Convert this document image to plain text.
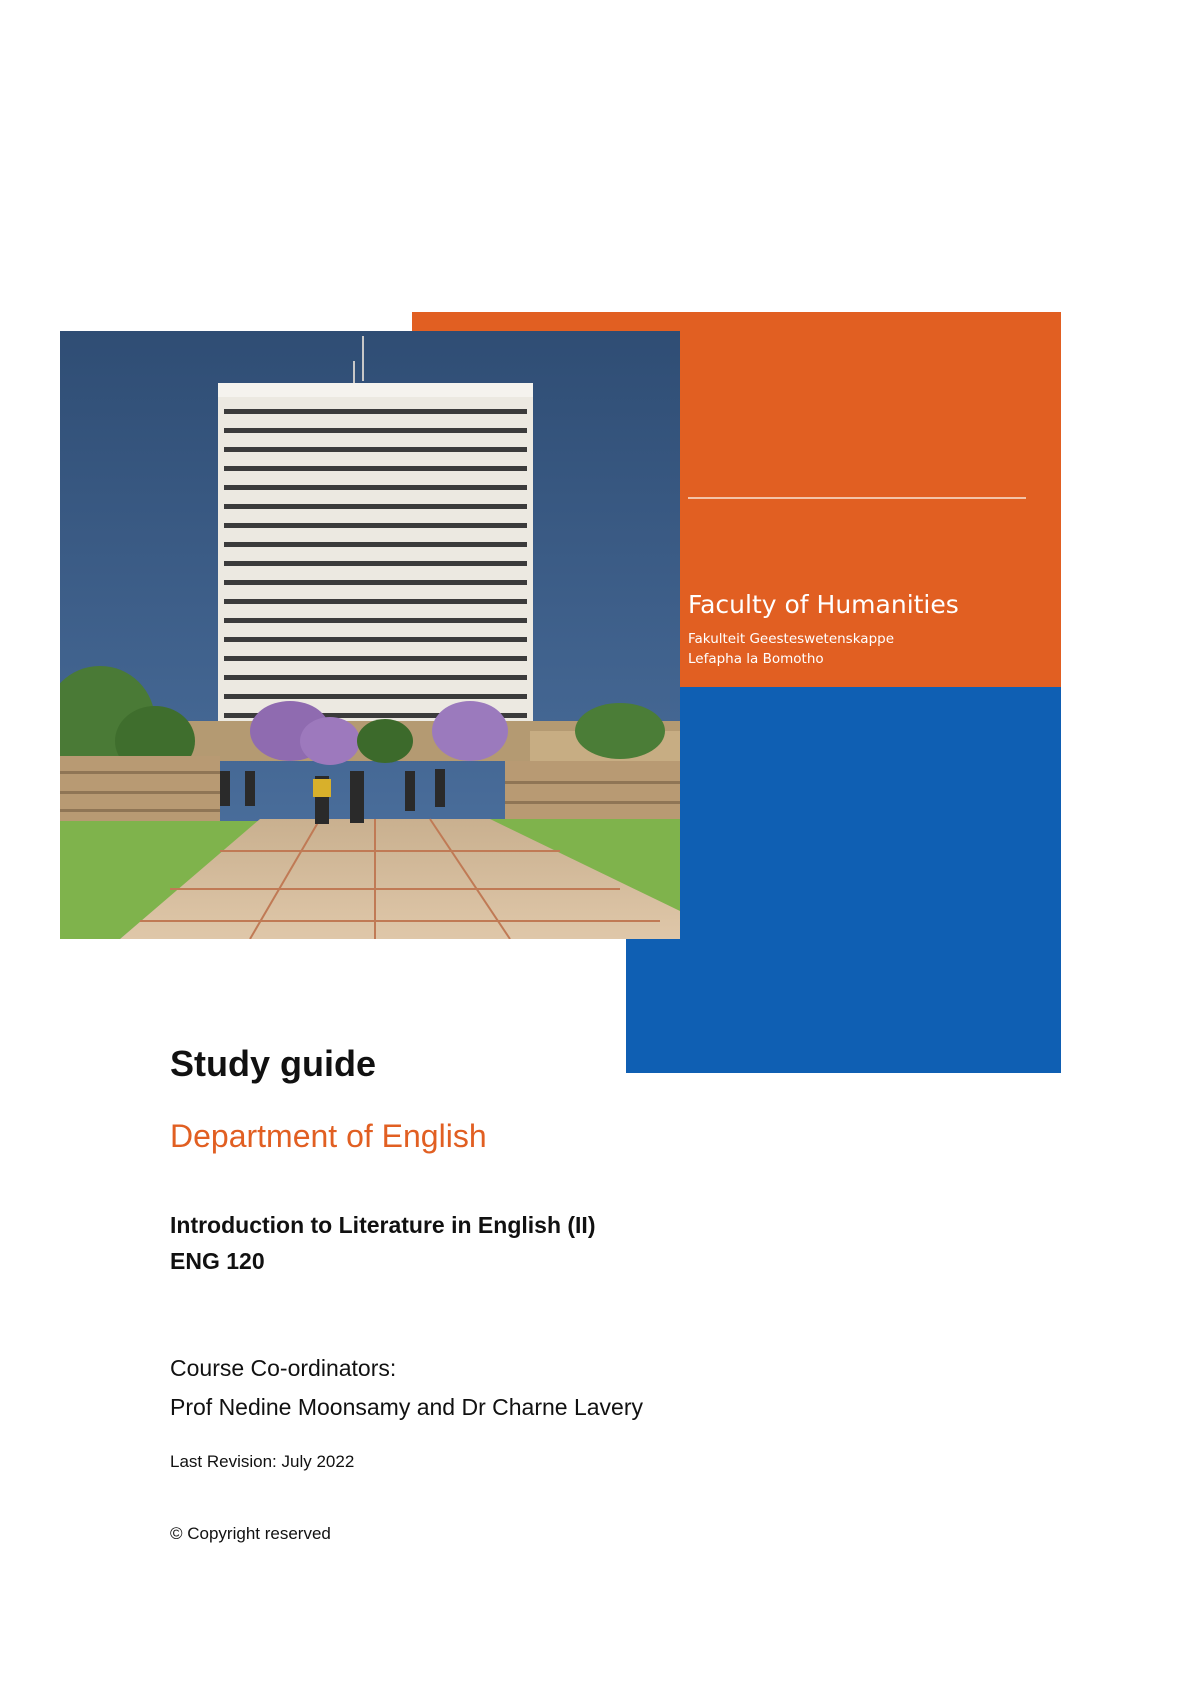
Faculty of Humanities
Fakulteit Geesteswetenskappe
Lefapha la Bomotho
Study guide
Department of English
Introduction to Literature in English (II)
ENG 120
Course Co-ordinators:
Prof Nedine Moonsamy and Dr Charne Lavery
Last Revision: July 2022
© Copyright reserved
